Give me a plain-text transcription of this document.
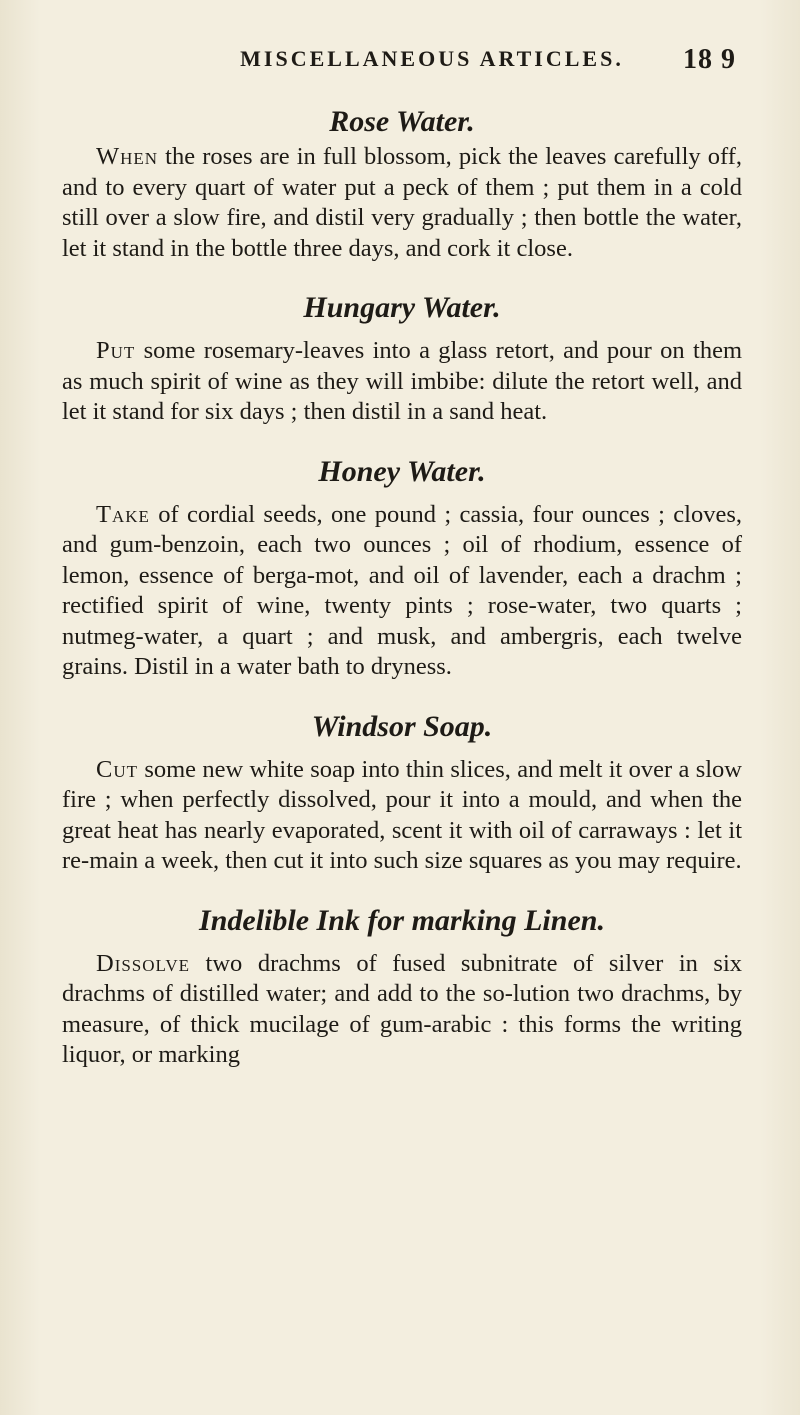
MISCELLANEOUS ARTICLES. 18 9
Rose Water.

When the roses are in full blossom, pick the leaves carefully off, and to every quart of water put a peck of them ; put them in a cold still over a slow fire, and distil very gradually ; then bottle the water, let it stand in the bottle three days, and cork it close.

Hungary Water.

Put some rosemary-leaves into a glass retort, and pour on them as much spirit of wine as they will imbibe: dilute the retort well, and let it stand for six days ; then distil in a sand heat.

Honey Water.

Take of cordial seeds, one pound ; cassia, four ounces ; cloves, and gum-benzoin, each two ounces ; oil of rhodium, essence of lemon, essence of berga-mot, and oil of lavender, each a drachm ; rectified spirit of wine, twenty pints ; rose-water, two quarts ; nutmeg-water, a quart ; and musk, and ambergris, each twelve grains. Distil in a water bath to dryness.

Windsor Soap.

Cut some new white soap into thin slices, and melt it over a slow fire ; when perfectly dissolved, pour it into a mould, and when the great heat has nearly evaporated, scent it with oil of carraways : let it re-main a week, then cut it into such size squares as you may require.

Indelible Ink for marking Linen.

Dissolve two drachms of fused subnitrate of silver in six drachms of distilled water; and add to the so-lution two drachms, by measure, of thick mucilage of gum-arabic : this forms the writing liquor, or marking
